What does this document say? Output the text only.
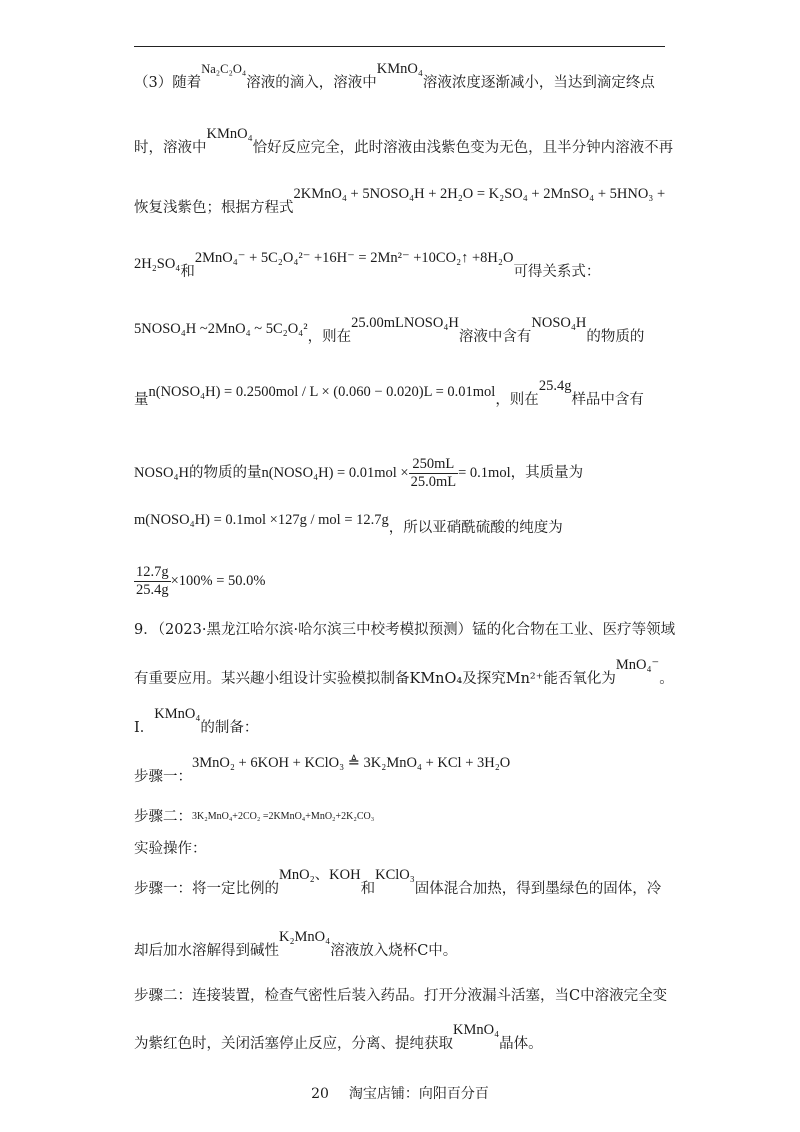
（3）随着Na₂C₂O₄溶液的滴入，溶液中KMnO₄溶液浓度逐渐减小，当达到滴定终点
时，溶液中KMnO₄恰好反应完全，此时溶液由浅紫色变为无色，且半分钟内溶液不再
恢复浅紫色；根据方程式2KMnO₄ + 5NOSO₄H + 2H₂O = K₂SO₄ + 2MnSO₄ + 5HNO₃ +
2H₂SO₄和2MnO₄⁻ + 5C₂O₄²⁻ +16H⁻ = 2Mn²⁻ +10CO₂↑ +8H₂O可得关系式：
5NOSO₄H ~2MnO₄ ~ 5C₂O₄²，则在25.00mLNOSO₄H溶液中含有NOSO₄H的物质的
量n(NOSO₄H) = 0.2500mol / L × (0.060 − 0.020)L = 0.01mol，则在25.4g样品中含有
NOSO₄H的物质的量n(NOSO₄H) = $0.01mol \times \frac{250mL}{25.0mL} = 0.1mol$，其质量为
m(NOSO₄H) = 0.1mol ×127g / mol = 12.7g，所以亚硝酰硫酸的纯度为
$\frac{12.7g}{25.4g} \times 100\% = 50.0\%$
9．（2023·黑龙江哈尔滨·哈尔滨三中校考模拟预测）锰的化合物在工业、医疗等领域
有重要应用。某兴趣小组设计实验模拟制备KMnO₄及探究Mn²⁺能否氧化为MnO₄⁻。
Ⅰ．KMnO₄的制备：
步骤一：3MnO₂ + 6KOH + KClO₃ ≜ 3K₂MnO₄ + KCl + 3H₂O
步骤二：3K₂MnO₄+2CO₂ =2KMnO₄+MnO₂+2K₂CO₃
实验操作：
步骤一：将一定比例的MnO₂、KOH和KClO₃固体混合加热，得到墨绿色的固体，冷
却后加水溶解得到碱性K₂MnO₄溶液放入烧杯C中。
步骤二：连接装置，检查气密性后装入药品。打开分液漏斗活塞，当C中溶液完全变
为紫红色时，关闭活塞停止反应，分离、提纯获取KMnO₄晶体。
20 淘宝店铺：向阳百分百
